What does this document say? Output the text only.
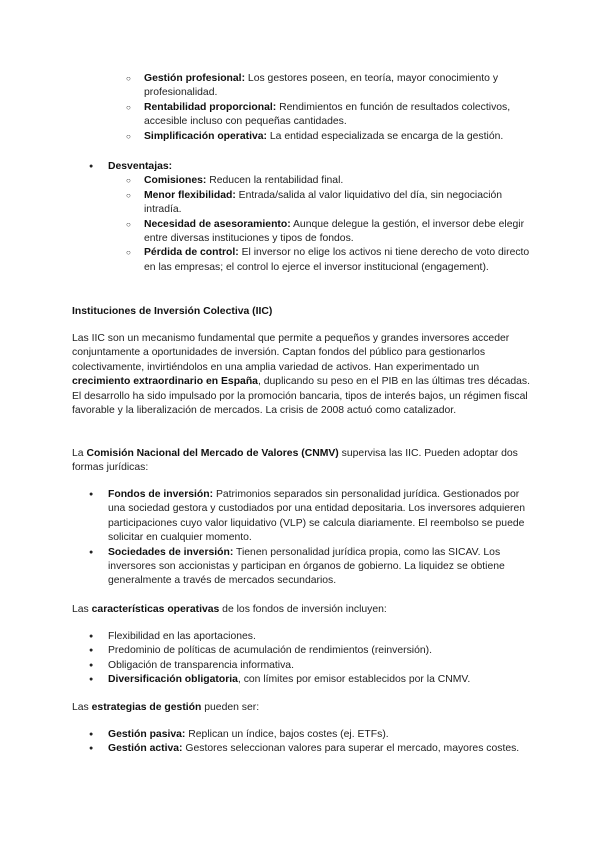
○ Gestión profesional: Los gestores poseen, en teoría, mayor conocimiento y profesionalidad.
○ Rentabilidad proporcional: Rendimientos en función de resultados colectivos, accesible incluso con pequeñas cantidades.
○ Simplificación operativa: La entidad especializada se encarga de la gestión.
● Desventajas:
○ Comisiones: Reducen la rentabilidad final.
○ Menor flexibilidad: Entrada/salida al valor liquidativo del día, sin negociación intradía.
○ Necesidad de asesoramiento: Aunque delegue la gestión, el inversor debe elegir entre diversas instituciones y tipos de fondos.
○ Pérdida de control: El inversor no elige los activos ni tiene derecho de voto directo en las empresas; el control lo ejerce el inversor institucional (engagement).

Instituciones de Inversión Colectiva (IIC)

Las IIC son un mecanismo fundamental que permite a pequeños y grandes inversores acceder conjuntamente a oportunidades de inversión. Captan fondos del público para gestionarlos colectivamente, invirtiéndolos en una amplia variedad de activos. Han experimentado un crecimiento extraordinario en España, duplicando su peso en el PIB en las últimas tres décadas. El desarrollo ha sido impulsado por la promoción bancaria, tipos de interés bajos, un régimen fiscal favorable y la liberalización de mercados. La crisis de 2008 actuó como catalizador.

La Comisión Nacional del Mercado de Valores (CNMV) supervisa las IIC. Pueden adoptar dos formas jurídicas:

● Fondos de inversión: Patrimonios separados sin personalidad jurídica. Gestionados por una sociedad gestora y custodiados por una entidad depositaria. Los inversores adquieren participaciones cuyo valor liquidativo (VLP) se calcula diariamente. El reembolso se puede solicitar en cualquier momento.
● Sociedades de inversión: Tienen personalidad jurídica propia, como las SICAV. Los inversores son accionistas y participan en órganos de gobierno. La liquidez se obtiene generalmente a través de mercados secundarios.

Las características operativas de los fondos de inversión incluyen:

● Flexibilidad en las aportaciones.
● Predominio de políticas de acumulación de rendimientos (reinversión).
● Obligación de transparencia informativa.
● Diversificación obligatoria, con límites por emisor establecidos por la CNMV.

Las estrategias de gestión pueden ser:

● Gestión pasiva: Replican un índice, bajos costes (ej. ETFs).
● Gestión activa: Gestores seleccionan valores para superar el mercado, mayores costes.
